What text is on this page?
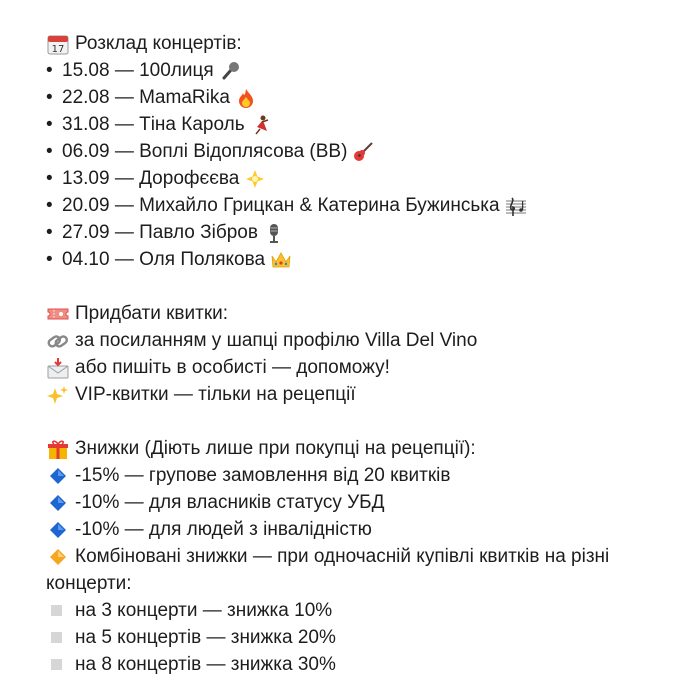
17 Розклад концертів:
• 15.08 — 100лиця
• 22.08 — MamaRika
• 31.08 — Тіна Кароль
• 06.09 — Воплі Відоплясова (ВВ)
• 13.09 — Дорофєєва
• 20.09 — Михайло Грицкан & Катерина Бужинська
• 27.09 — Павло Зібров
• 04.10 — Оля Полякова
Придбати квитки:
за посиланням у шапці профілю Villa Del Vino
або пишіть в особисті — допоможу!
VIP-квитки — тільки на рецепції
Знижки (Діють лише при покупці на рецепції):
-15% — групове замовлення від 20 квитків
-10% — для власників статусу УБД
-10% — для людей з інвалідністю
Комбіновані знижки — при одночасній купівлі квитків на різні концерти:
на 3 концерти — знижка 10%
на 5 концертів — знижка 20%
на 8 концертів — знижка 30%
